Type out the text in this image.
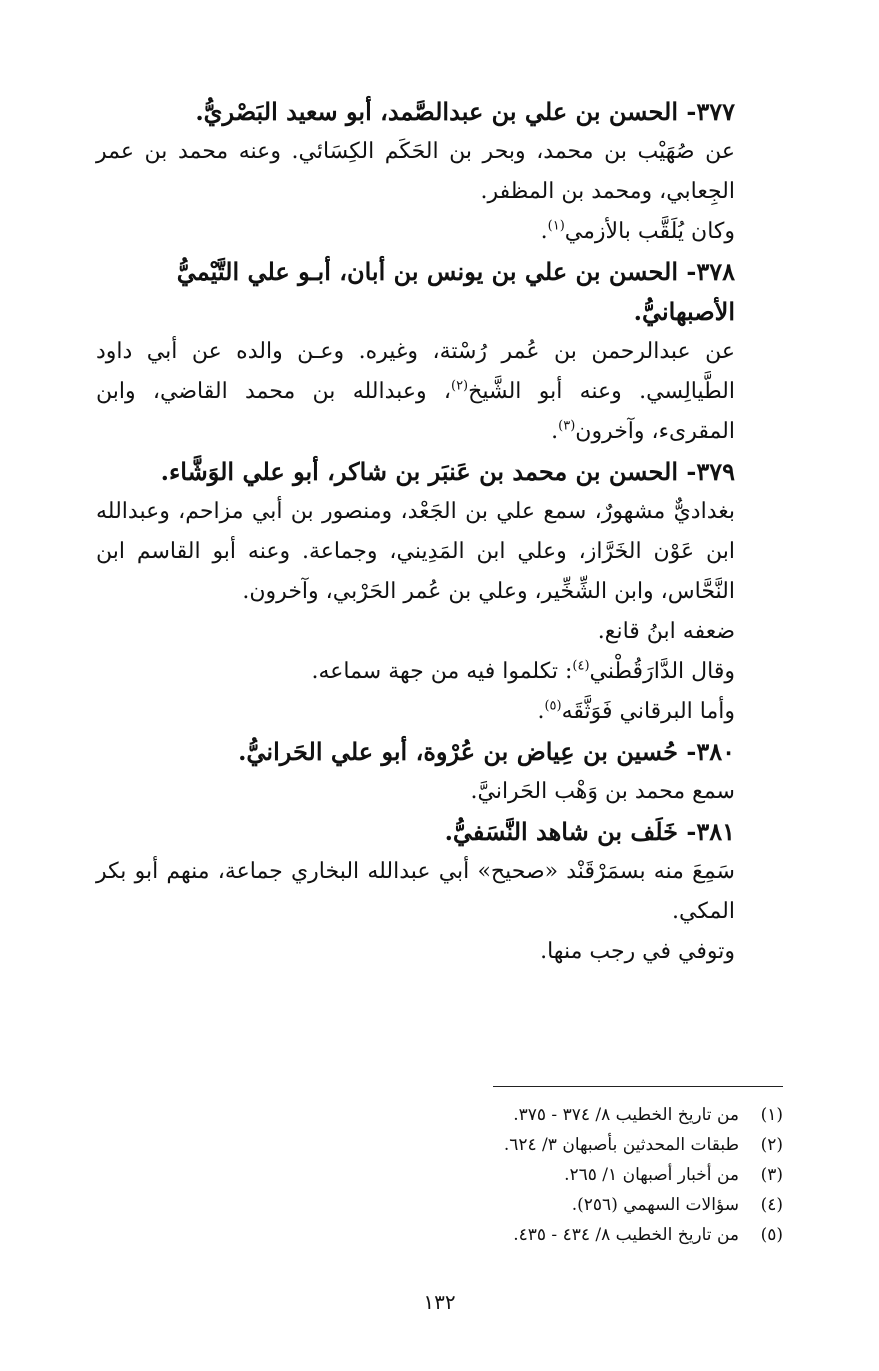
٣٧٧- الحسن بن علي بن عبدالصَّمد، أبو سعيد البَصْريُّ.

عن صُهَيْب بن محمد، وبحر بن الحَكَم الكِسَائي. وعنه محمد بن عمر الجِعابي، ومحمد بن المظفر.

وكان يُلَقَّب بالأزمي$^{(١)}$.

٣٧٨- الحسن بن علي بن يونس بن أبان، أبـو علي التَّيْميُّ الأصبهانيُّ.

عن عبدالرحمن بن عُمر رُسْتة، وغيره. وعـن والده عن أبي داود الطَّيالِسي. وعنه أبو الشَّيخ$^{(٢)}$، وعبدالله بن محمد القاضي، وابن المقرىء، وآخرون$^{(٣)}$.

٣٧٩- الحسن بن محمد بن عَنبَر بن شاكر، أبو علي الوَشَّاء.

بغداديٌّ مشهورٌ، سمع علي بن الجَعْد، ومنصور بن أبي مزاحم، وعبدالله ابن عَوْن الخَرَّاز، وعلي ابن المَدِيني، وجماعة. وعنه أبو القاسم ابن النَّحَّاس، وابن الشِّخِّير، وعلي بن عُمر الحَرْبي، وآخرون.

ضعفه ابنُ قانع.

وقال الدَّارَقُطْني$^{(٤)}$: تكلموا فيه من جهة سماعه.

وأما البرقاني فَوَثَّقَه$^{(٥)}$.

٣٨٠- حُسين بن عِياض بن عُرْوة، أبو علي الحَرانيُّ.

سمع محمد بن وَهْب الحَرانيَّ.

٣٨١- خَلَف بن شاهد النَّسَفيُّ.

سَمِعَ منه بسمَرْقَنْد «صحيح» أبي عبدالله البخاري جماعة، منهم أبو بكر المكي.

وتوفي في رجب منها.

(١)
من تاريخ الخطيب ٨/ ٣٧٤ - ٣٧٥.

(٢)
طبقات المحدثين بأصبهان ٣/ ٦٢٤.

(٣)
من أخبار أصبهان ١/ ٢٦٥.

(٤)
سؤالات السهمي (٢٥٦).

(٥)
من تاريخ الخطيب ٨/ ٤٣٤ - ٤٣٥.

١٣٢
